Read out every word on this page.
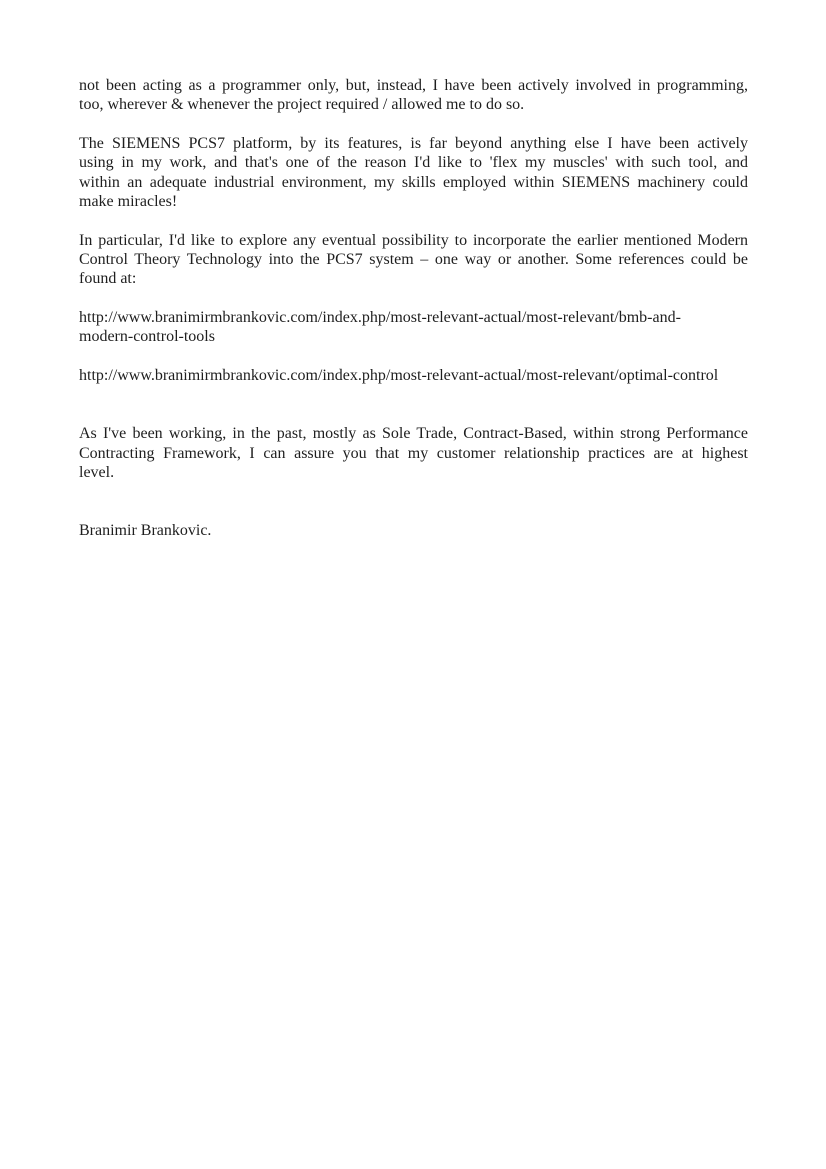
not been acting as a programmer only, but, instead, I have been actively involved in programming,
too, wherever & whenever the project required / allowed me to do so.
The SIEMENS PCS7 platform, by its features, is far beyond anything else I have been actively
using in my work, and that's one of the reason I'd like to 'flex my muscles' with such tool, and
within an adequate industrial environment, my skills employed within SIEMENS machinery could
make miracles!
In particular, I'd like to explore any eventual possibility to incorporate the earlier mentioned Modern
Control Theory Technology into the PCS7 system – one way or another. Some references could be
found at:
http://www.branimirmbrankovic.com/index.php/most-relevant-actual/most-relevant/bmb-and-
modern-control-tools
http://www.branimirmbrankovic.com/index.php/most-relevant-actual/most-relevant/optimal-control
As I've been working, in the past, mostly as Sole Trade, Contract-Based, within strong Performance
Contracting Framework, I can assure you that my customer relationship practices are at highest
level.
Branimir Brankovic.
